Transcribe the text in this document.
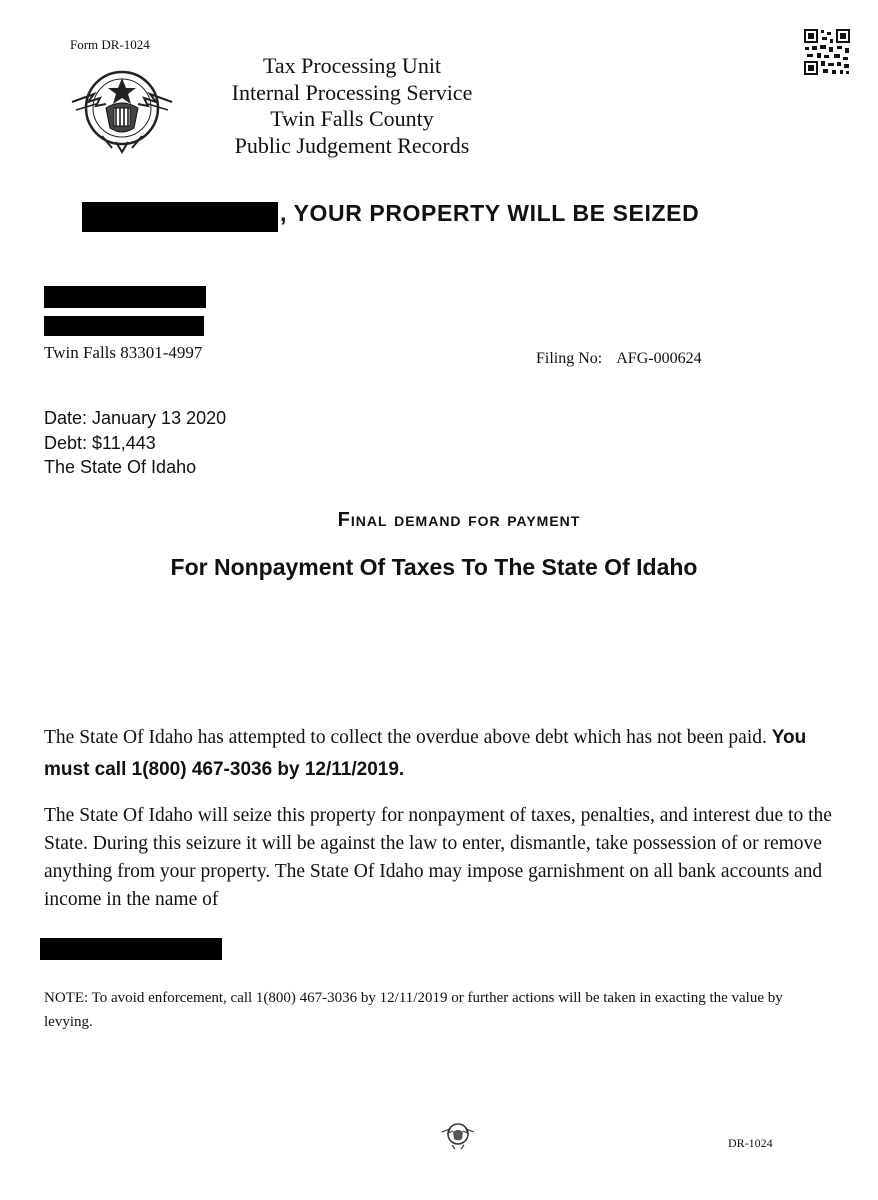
Form DR-1024
Tax Processing Unit
Internal Processing Service
Twin Falls County
Public Judgement Records
, YOUR PROPERTY WILL BE SEIZED
Twin Falls 83301-4997	Filing No: AFG-000624
Date: January 13 2020
Debt: $11,443
The State Of Idaho
Final demand for payment
For Nonpayment Of Taxes To The State Of Idaho
The State Of Idaho has attempted to collect the overdue above debt which has not been paid. You must call 1(800) 467-3036 by 12/11/2019.
The State Of Idaho will seize this property for nonpayment of taxes, penalties, and interest due to the State. During this seizure it will be against the law to enter, dismantle, take possession of or remove anything from your property. The State Of Idaho may impose garnishment on all bank accounts and income in the name of
NOTE: To avoid enforcement, call 1(800) 467-3036 by 12/11/2019 or further actions will be taken in exacting the value by levying.
DR-1024
